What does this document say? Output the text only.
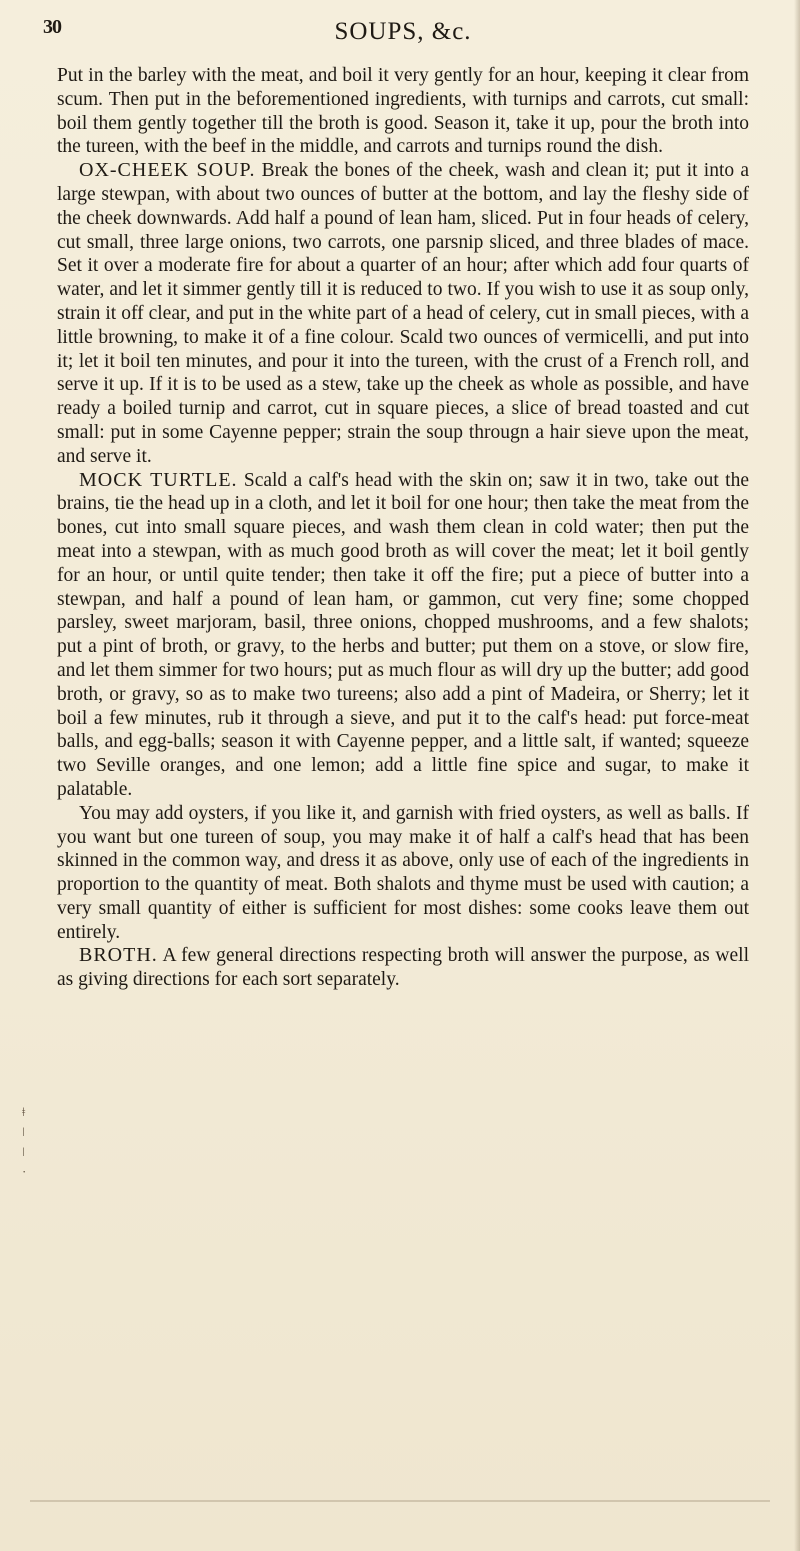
30	SOUPS, &c.
ǂ
ǀ
ǀ
·

Put in the barley with the meat, and boil it very gently for an hour, keeping it clear from scum. Then put in the beforementioned ingredients, with turnips and carrots, cut small: boil them gently together till the broth is good. Season it, take it up, pour the broth into the tureen, with the beef in the middle, and carrots and turnips round the dish.

OX-CHEEK SOUP. Break the bones of the cheek, wash and clean it; put it into a large stewpan, with about two ounces of butter at the bottom, and lay the fleshy side of the cheek downwards. Add half a pound of lean ham, sliced. Put in four heads of celery, cut small, three large onions, two carrots, one parsnip sliced, and three blades of mace. Set it over a moderate fire for about a quarter of an hour; after which add four quarts of water, and let it simmer gently till it is reduced to two. If you wish to use it as soup only, strain it off clear, and put in the white part of a head of celery, cut in small pieces, with a little browning, to make it of a fine colour. Scald two ounces of vermicelli, and put into it; let it boil ten minutes, and pour it into the tureen, with the crust of a French roll, and serve it up. If it is to be used as a stew, take up the cheek as whole as possible, and have ready a boiled turnip and carrot, cut in square pieces, a slice of bread toasted and cut small: put in some Cayenne pepper; strain the soup througn a hair sieve upon the meat, and serve it.

MOCK TURTLE. Scald a calf's head with the skin on; saw it in two, take out the brains, tie the head up in a cloth, and let it boil for one hour; then take the meat from the bones, cut into small square pieces, and wash them clean in cold water; then put the meat into a stewpan, with as much good broth as will cover the meat; let it boil gently for an hour, or until quite tender; then take it off the fire; put a piece of butter into a stewpan, and half a pound of lean ham, or gammon, cut very fine; some chopped parsley, sweet marjoram, basil, three onions, chopped mushrooms, and a few shalots; put a pint of broth, or gravy, to the herbs and butter; put them on a stove, or slow fire, and let them simmer for two hours; put as much flour as will dry up the butter; add good broth, or gravy, so as to make two tureens; also add a pint of Madeira, or Sherry; let it boil a few minutes, rub it through a sieve, and put it to the calf's head: put force-meat balls, and egg-balls; season it with Cayenne pepper, and a little salt, if wanted; squeeze two Seville oranges, and one lemon; add a little fine spice and sugar, to make it palatable.

You may add oysters, if you like it, and garnish with fried oysters, as well as balls. If you want but one tureen of soup, you may make it of half a calf's head that has been skinned in the common way, and dress it as above, only use of each of the ingredients in proportion to the quantity of meat. Both shalots and thyme must be used with caution; a very small quantity of either is sufficient for most dishes: some cooks leave them out entirely.

BROTH. A few general directions respecting broth will answer the purpose, as well as giving directions for each sort separately.
